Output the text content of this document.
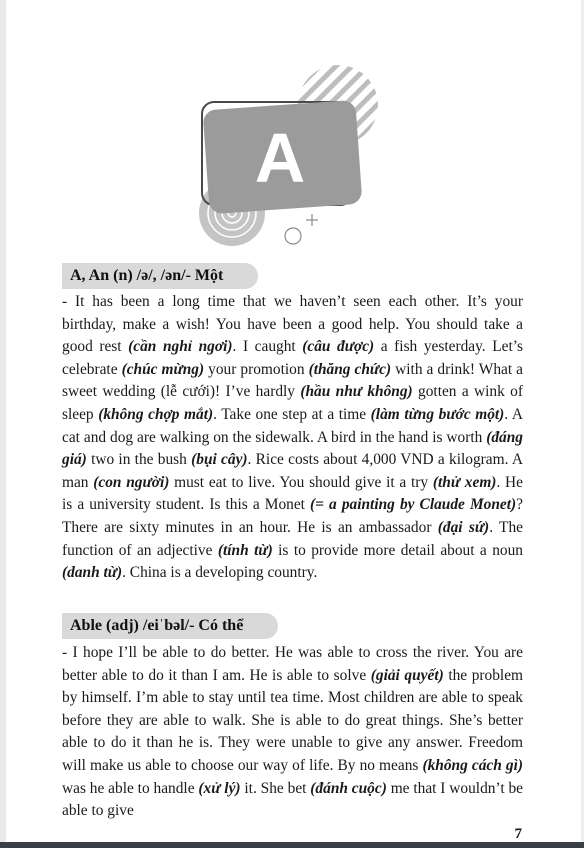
A
A, An (n) /ə/, /ən/- Một

- It has been a long time that we haven’t seen each other. It’s your birthday, make a wish! You have been a good help. You should take a good rest (cần nghỉ ngơi). I caught (câu được) a fish yesterday. Let’s celebrate (chúc mừng) your promotion (thăng chức) with a drink! What a sweet wedding (lễ cưới)! I’ve hardly (hầu như không) gotten a wink of sleep (không chợp mắt). Take one step at a time (làm từng bước một). A cat and dog are walking on the sidewalk. A bird in the hand is worth (đáng giá) two in the bush (bụi cây). Rice costs about 4,000 VND a kilogram. A man (con người) must eat to live. You should give it a try (thử xem). He is a university student. Is this a Monet (= a painting by Claude Monet)? There are sixty minutes in an hour. He is an ambassador (đại sứ). The function of an adjective (tính từ) is to provide more detail about a noun (danh từ). China is a developing country.

Able (adj) /eiˈbəl/- Có thể

- I hope I’ll be able to do better. He was able to cross the river. You are better able to do it than I am. He is able to solve (giải quyết) the problem by himself. I’m able to stay until tea time. Most children are able to speak before they are able to walk. She is able to do great things. She’s better able to do it than he is. They were unable to give any answer. Freedom will make us able to choose our way of life. By no means (không cách gì) was he able to handle (xử lý) it. She bet (đánh cuộc) me that I wouldn’t be able to give

7
